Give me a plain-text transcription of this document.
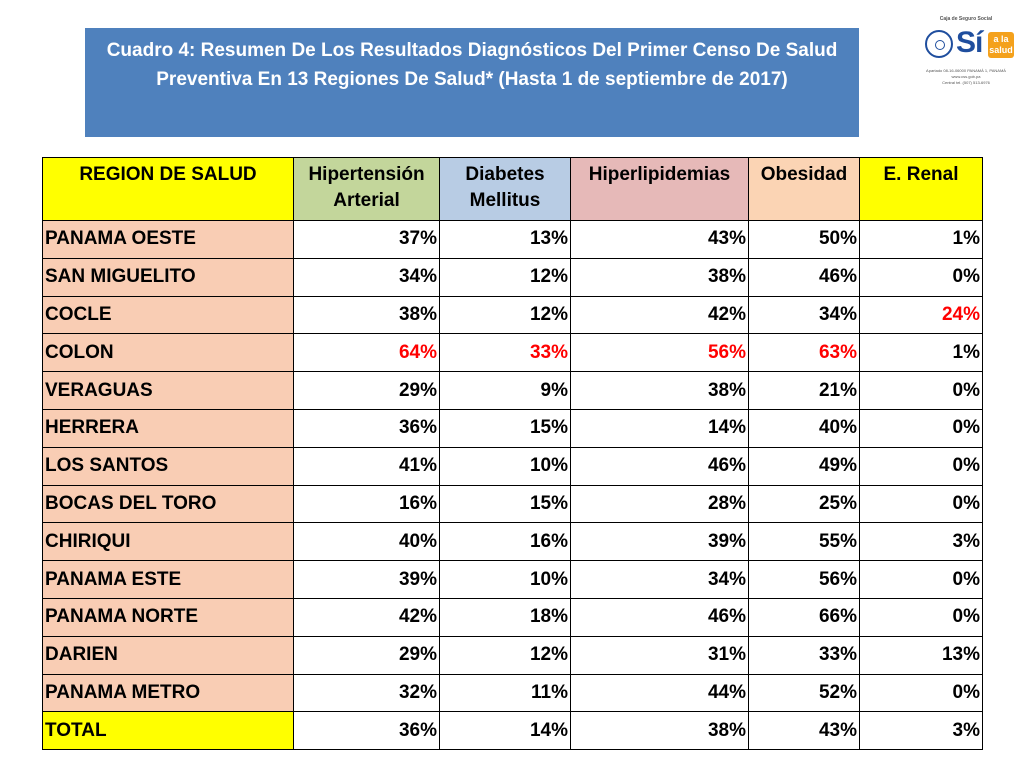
Cuadro 4: Resumen De Los Resultados Diagnósticos Del Primer Censo De Salud Preventiva En 13 Regiones De Salud* (Hasta 1 de septiembre de 2017)
Caja de Seguro Social
Sí	a la
salud
Apartado 08-16-06000 PANAMÁ 1, PANAMÁ
www.css.gob.pa
Central tel. (507) 513-6976
REGION DE SALUD	Hipertensión Arterial	Diabetes Mellitus	Hiperlipidemias	Obesidad	E. Renal
PANAMA OESTE	37%	13%	43%	50%	1%
SAN MIGUELITO	34%	12%	38%	46%	0%
COCLE	38%	12%	42%	34%	24%
COLON	64%	33%	56%	63%	1%
VERAGUAS	29%	9%	38%	21%	0%
HERRERA	36%	15%	14%	40%	0%
LOS SANTOS	41%	10%	46%	49%	0%
BOCAS DEL TORO	16%	15%	28%	25%	0%
CHIRIQUI	40%	16%	39%	55%	3%
PANAMA ESTE	39%	10%	34%	56%	0%
PANAMA NORTE	42%	18%	46%	66%	0%
DARIEN	29%	12%	31%	33%	13%
PANAMA METRO	32%	11%	44%	52%	0%
TOTAL	36%	14%	38%	43%	3%
